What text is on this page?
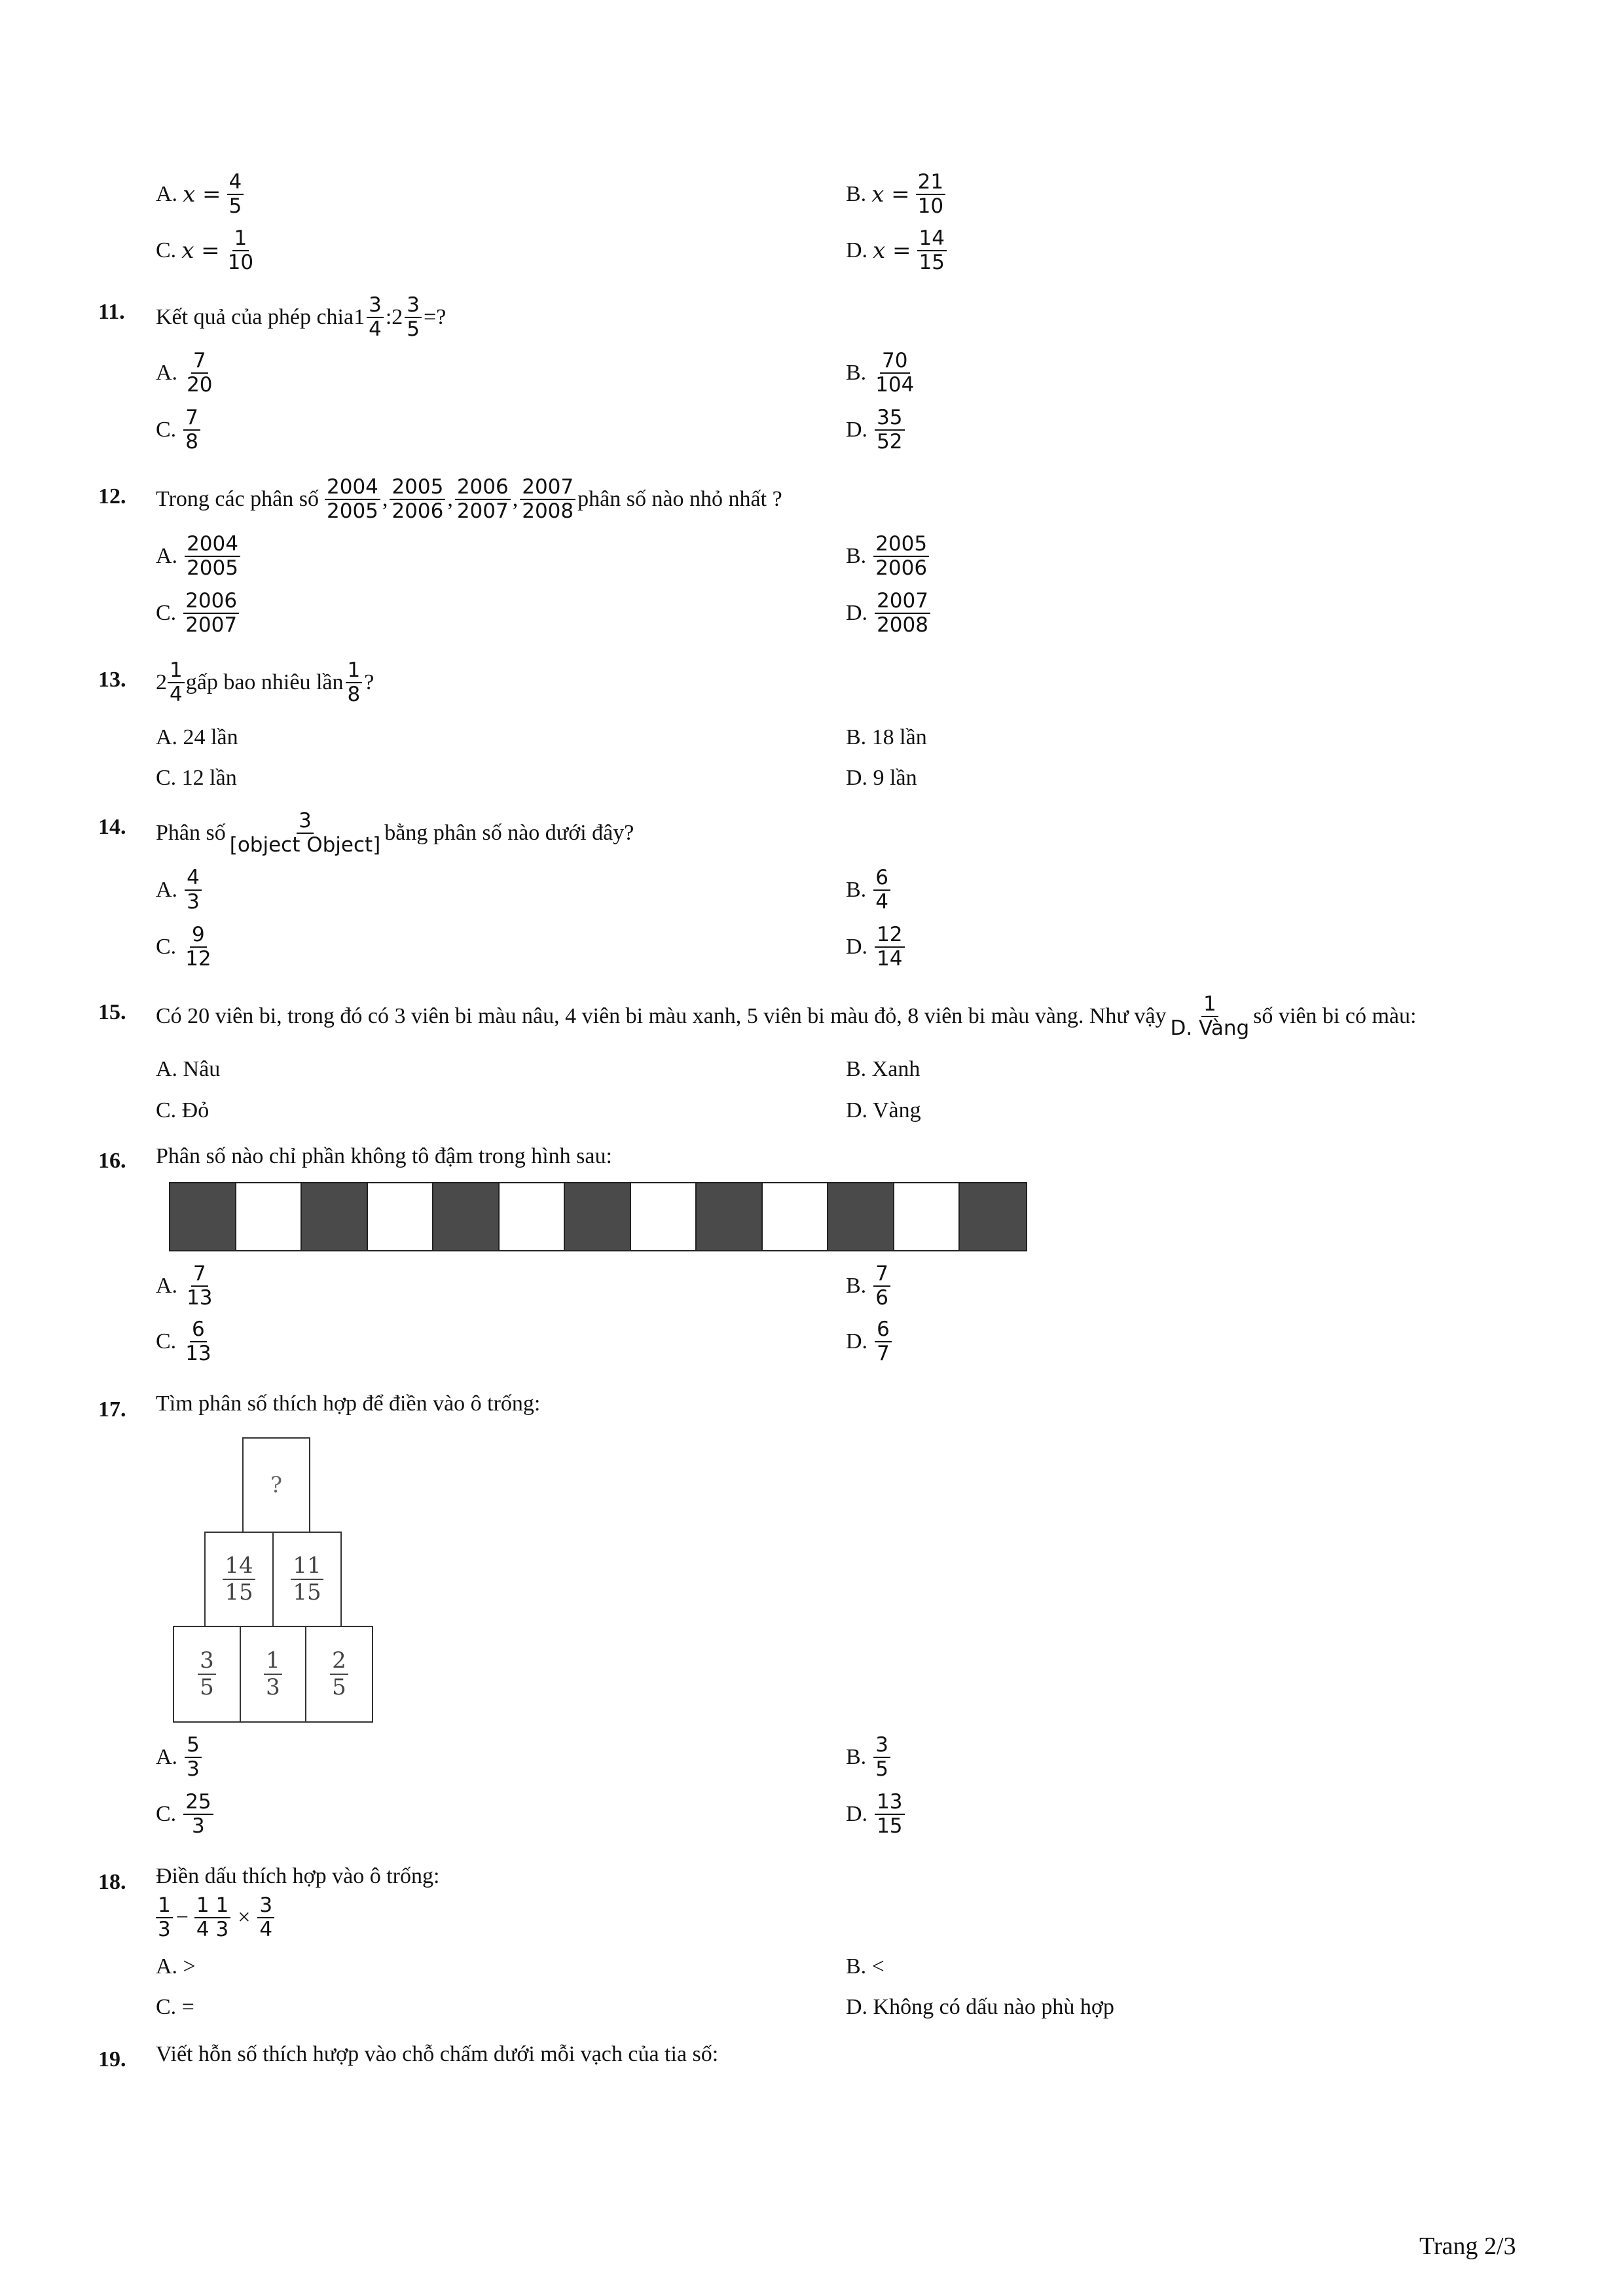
A. $x = \frac{4}{5}$	B. $x = \frac{21}{10}$
C. $x = \frac{1}{10}$	D. $x = \frac{14}{15}$
11. Kết quả của phép chia $1 \frac{3}{4}$ : $2 \frac{3}{5}$ =?
A. $\frac{7}{20}$	B. $\frac{70}{104}$
C. $\frac{7}{8}$	D. $\frac{35}{52}$
12. Trong các phân số $\frac{2004}{2005}$ , $\frac{2005}{2006}$ , $\frac{2006}{2007}$ , $\frac{2007}{2008}$ phân số nào nhỏ nhất ?
A. $\frac{2004}{2005}$	B. $\frac{2005}{2006}$
C. $\frac{2006}{2007}$	D. $\frac{2007}{2008}$
13. $2 \frac{1}{4}$ gấp bao nhiêu lần $\frac{1}{8}$ ?
A. 24 lần	B. 18 lần
C. 12 lần	D. 9 lần
14. Phân số $\frac{3}{\text{[object Object]}}$ bằng phân số nào dưới đây?
A. $\frac{4}{3}$	B. $\frac{6}{4}$
C. $\frac{9}{12}$	D. $\frac{12}{14}$
15. Có 20 viên bi, trong đó có 3 viên bi màu nâu, 4 viên bi màu xanh, 5 viên bi màu đỏ, 8 viên bi màu vàng. Như vậy $\frac{1}{\text{D. Vàng}}$ số viên bi có màu:
A. Nâu	B. Xanh
C. Đỏ	D. Vàng
16. Phân số nào chỉ phần không tô đậm trong hình sau:
A. $\frac{7}{13}$	B. $\frac{7}{6}$
C. $\frac{6}{13}$	D. $\frac{6}{7}$
17. Tìm phân số thích hợp để điền vào ô trống:
?
$\frac{14}{15} \frac{11}{15}$
$\frac{3}{5} \frac{1}{3} \frac{2}{5}$
A. $\frac{5}{3}$	B. $\frac{3}{5}$
C. $\frac{25}{3}$	D. $\frac{13}{15}$
18. Điền dấu thích hợp vào ô trống:
$\frac{1}{3} - \frac{1 1}{4 3} \times \frac{3}{4}$
A. >	B. <
C. =	D. Không có dấu nào phù hợp
19. Viết hỗn số thích hượp vào chỗ chấm dưới mỗi vạch của tia số:
Trang 2/3
